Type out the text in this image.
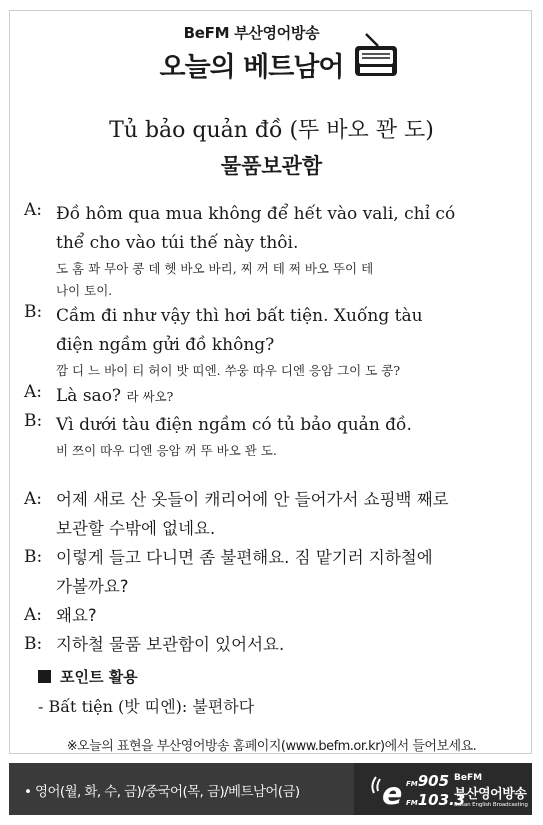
BeFM 부산영어방송
오늘의 베트남어
Tủ bảo quản đồ (뚜 바오 꽌 도)
물품보관함
A: Đồ hôm qua mua không để hết vào vali, chỉ có
thể cho vào túi thế này thôi.
도 홈 꽈 무아 콩 데 헷 바오 바리, 찌 꺼 테 쩌 바오 뚜이 테
나이 토이.
B: Cầm đi như vậy thì hơi bất tiện. Xuống tàu
điện ngầm gửi đồ không?
깜 디 느 바이 티 허이 밧 띠엔. 쑤웅 따우 디엔 응암 그이 도 콩?
A: Là sao? 라 싸오?
B: Vì dưới tàu điện ngầm có tủ bảo quản đồ.
비 쯔이 따우 디엔 응암 꺼 뚜 바오 꽌 도.
A: 어제 새로 산 옷들이 캐리어에 안 들어가서 쇼핑백 째로
보관할 수밖에 없네요.
B: 이렇게 들고 다니면 좀 불편해요. 짐 맡기러 지하철에
가볼까요?
A: 왜요?
B: 지하철 물품 보관함이 있어서요.
포인트 활용
- Bất tiện (밧 띠엔): 불편하다
※오늘의 표현을 부산영어방송 홈페이지(www.befm.or.kr)에서 들어보세요.
• 영어(월, 화, 수, 금)/중국어(목, 금)/베트남어(금)	e FM905
FM103.3
BeFM
부산영어방송
Busan English Broadcasting
